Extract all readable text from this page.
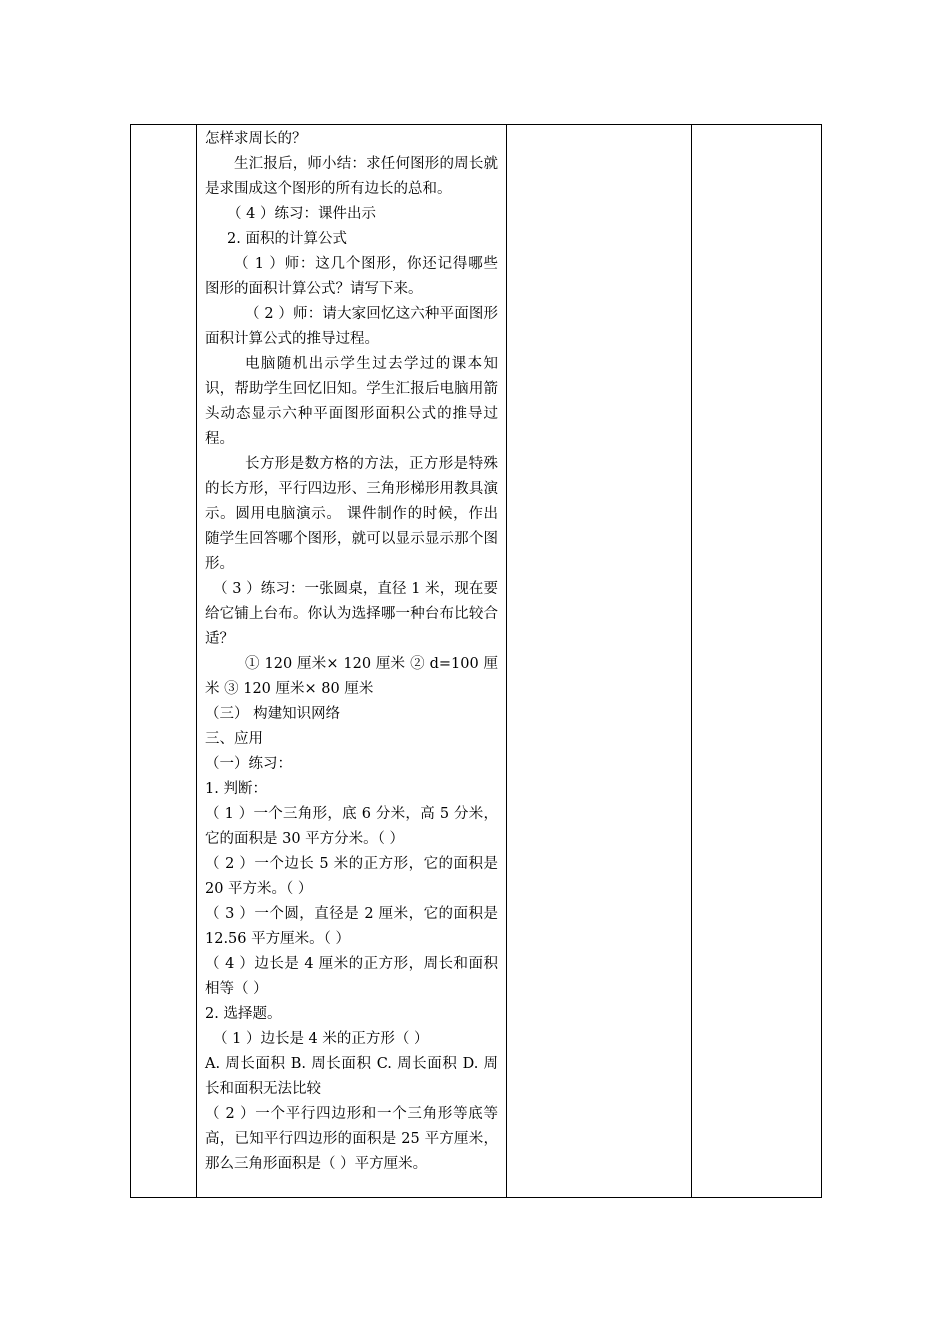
怎样求周长的？

生汇报后，师小结：求任何图形的周长就是求围成这个图形的所有边长的总和。

（ 4 ）练习：课件出示

2. 面积的计算公式

（ 1 ）师：这几个图形，你还记得哪些图形的面积计算公式？请写下来。

（ 2 ）师：请大家回忆这六种平面图形面积计算公式的推导过程。

电脑随机出示学生过去学过的课本知识，帮助学生回忆旧知。学生汇报后电脑用箭头动态显示六种平面图形面积公式的推导过程。

长方形是数方格的方法，正方形是特殊的长方形，平行四边形、三角形梯形用教具演示。圆用电脑演示。 课件制作的时候，作出随学生回答哪个图形，就可以显示显示那个图形。

（ 3 ）练习：一张圆桌，直径 1 米，现在要给它铺上台布。你认为选择哪一种台布比较合适？

① 120 厘米× 120 厘米 ② d=100 厘米 ③ 120 厘米× 80 厘米

（三） 构建知识网络

三、应用

（一）练习：

1. 判断：

（ 1 ）一个三角形，底 6 分米，高 5 分米，它的面积是 30 平方分米。（ ）

（ 2 ）一个边长 5 米的正方形，它的面积是 20 平方米。（ ）

（ 3 ）一个圆，直径是 2 厘米，它的面积是 12.56 平方厘米。（ ）

（ 4 ）边长是 4 厘米的正方形，周长和面积相等（ ）

2. 选择题。

（ 1 ）边长是 4 米的正方形（ ）

A. 周长面积 B. 周长面积 C. 周长面积 D. 周长和面积无法比较

（ 2 ）一个平行四边形和一个三角形等底等高，已知平行四边形的面积是 25 平方厘米，那么三角形面积是（ ）平方厘米。
